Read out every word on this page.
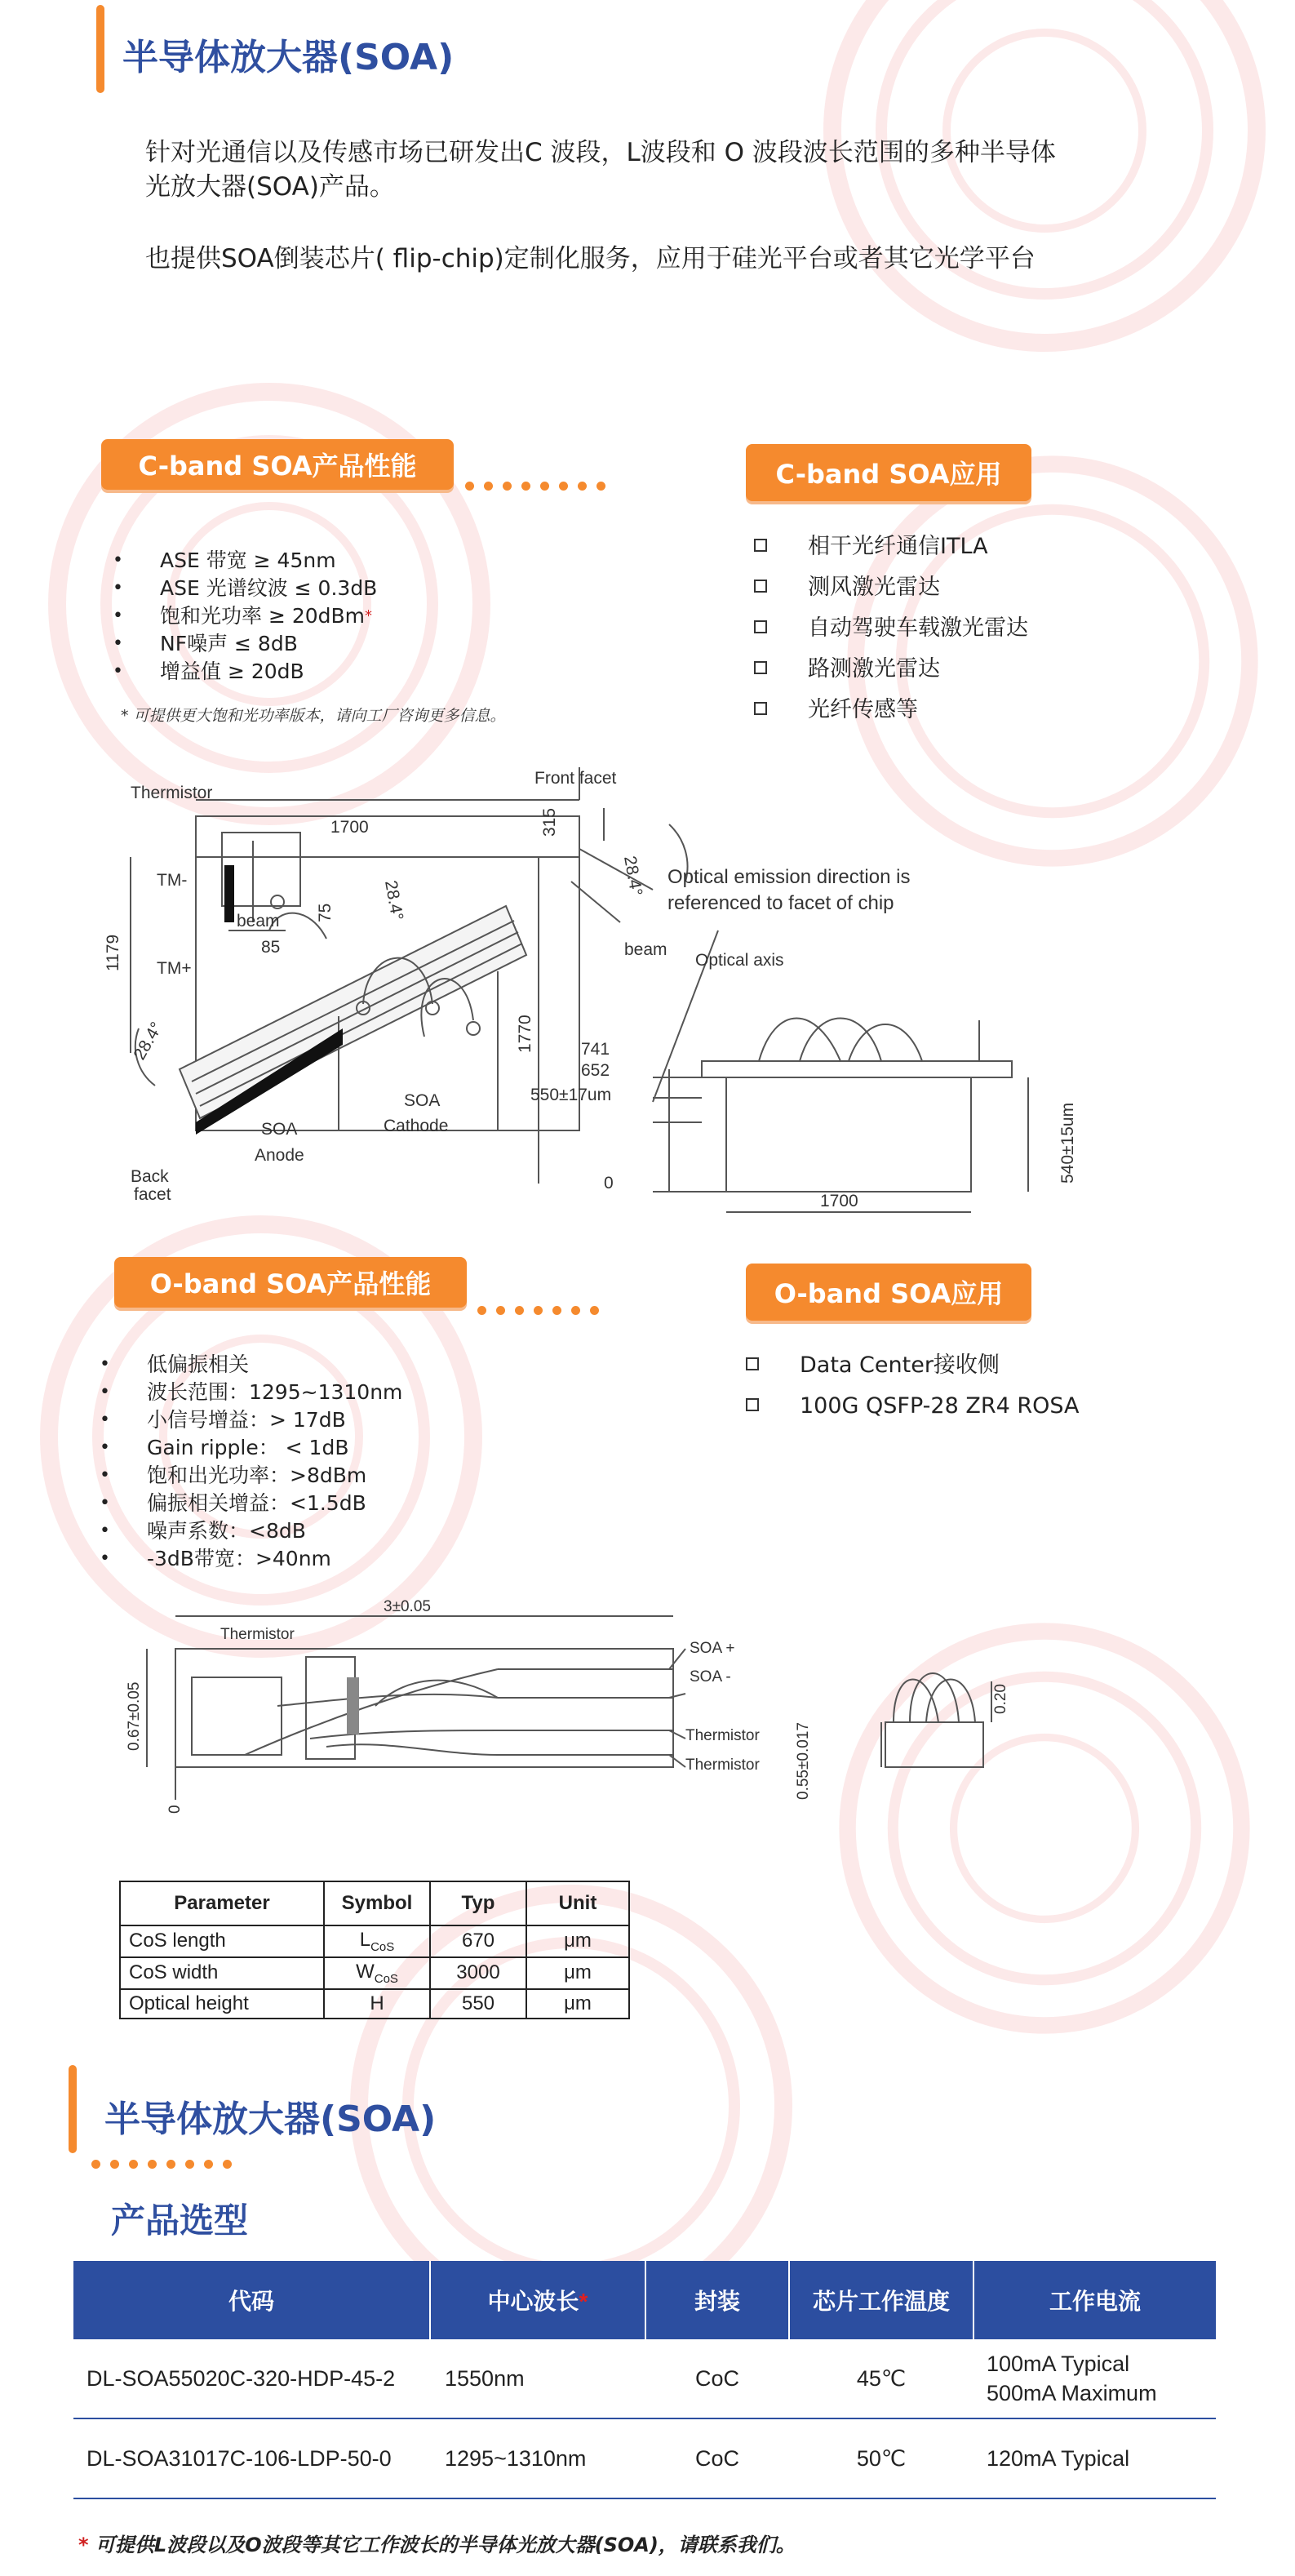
半导体放大器(SOA)
针对光通信以及传感市场已研发出C 波段，L波段和 O 波段波长范围的多种半导体
光放大器(SOA)产品。
也提供SOA倒装芯片( flip-chip)定制化服务，应用于硅光平台或者其它光学平台
C-band SOA产品性能
• ASE 带宽 ≥ 45nm
• ASE 光谱纹波 ≤ 0.3dB
• 饱和光功率 ≥ 20dBm*
• NF噪声 ≤ 8dB
• 增益值 ≥ 20dB
* 可提供更大饱和光功率版本，请向工厂咨询更多信息。
C-band SOA应用
相干光纤通信ITLA
测风激光雷达
自动驾驶车载激光雷达
路测激光雷达
光纤传感等
Thermistor
Front facet
1700	315
1179
1770
75
85
28.4°
28.4°
28.4°
TM-
TM+
beam
beam
SOA
Anode
SOA
Cathode
Back
facet
Optical emission direction is
referenced to facet of chip
Optical axis
741
652
550±17um
0	540±15um
1700
O-band SOA产品性能
• 低偏振相关
• 波长范围：1295~1310nm
• 小信号增益：> 17dB
• Gain ripple： < 1dB
• 饱和出光功率：>8dBm
• 偏振相关增益：<1.5dB
• 噪声系数：<8dB
• -3dB带宽：>40nm
O-band SOA应用
Data Center接收侧
100G QSFP-28 ZR4 ROSA
3±0.05
Thermistor
SOA +
SOA -
Thermistor
Thermistor
0.67±0.05
0
0.55±0.017
0.20
Parameter	Symbol	Typ	Unit
CoS length	$L_{CoS}$	670	μm
CoS width	$W_{CoS}$	3000	μm
Optical height	H	550	μm
半导体放大器(SOA)
产品选型
代码	中心波长*	封装	芯片工作温度	工作电流
DL-SOA55020C-320-HDP-45-2	1550nm	CoC	45℃	100mA Typical
500mA Maximum

DL-SOA31017C-106-LDP-50-0	1295~1310nm	CoC	50℃	120mA Typical
* 可提供L波段以及O波段等其它工作波长的半导体光放大器(SOA)，请联系我们。
